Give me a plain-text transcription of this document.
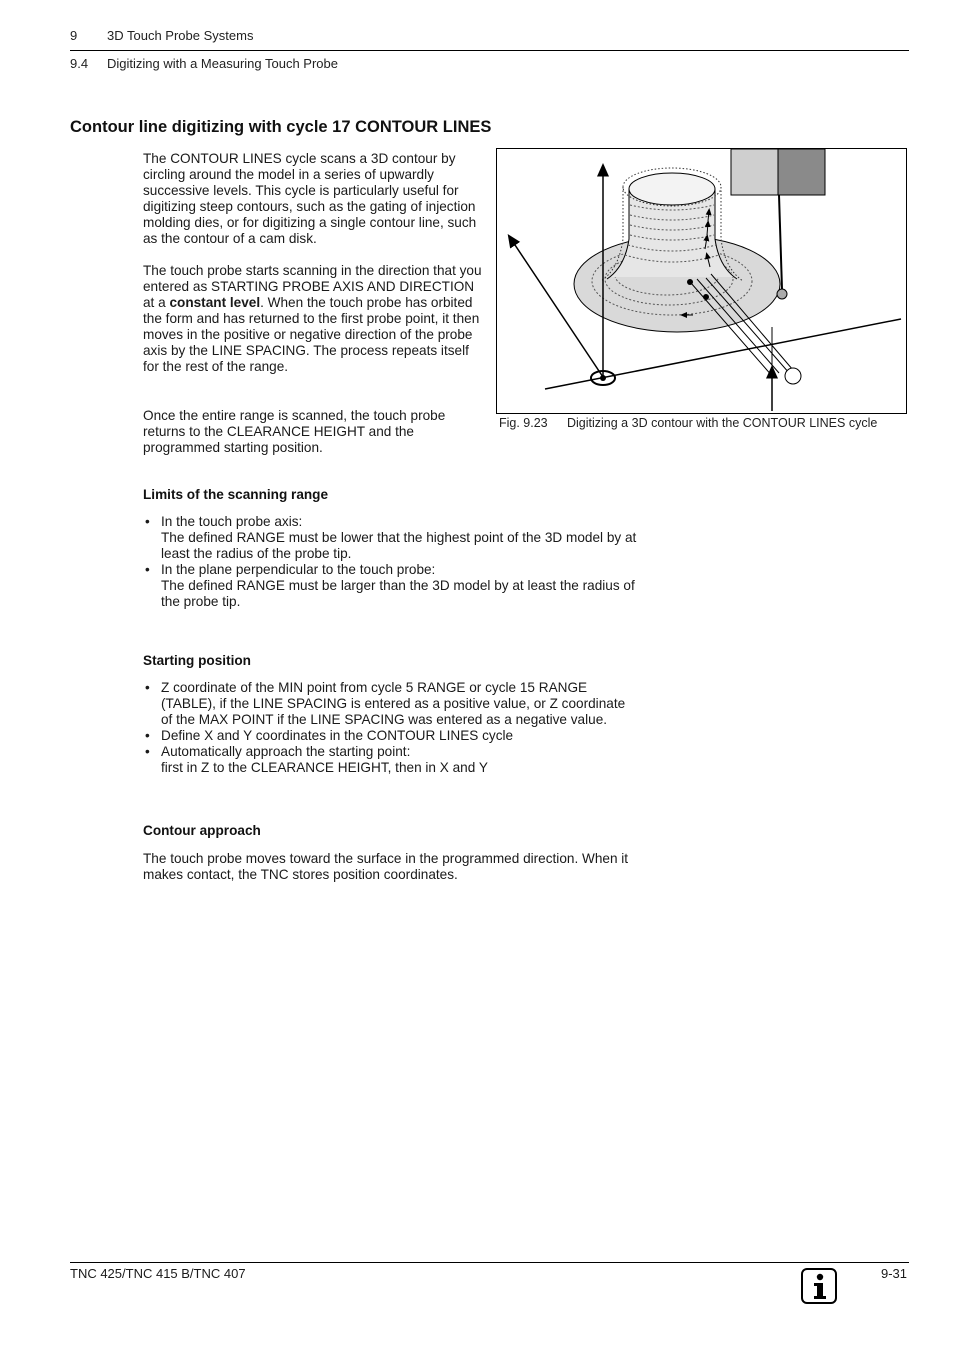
9 3D Touch Probe Systems
9.4 Digitizing with a Measuring Touch Probe
Contour line digitizing with cycle 17 CONTOUR LINES

The CONTOUR LINES cycle scans a 3D contour by circling around the model in a series of upwardly successive levels. This cycle is particularly useful for digitizing steep contours, such as the gating of injection molding dies, or for digitizing a single contour line, such as the contour of a cam disk.

The touch probe starts scanning in the direction that you entered as STARTING PROBE AXIS AND DIRECTION at a constant level. When the touch probe has orbited the form and has returned to the first probe point, it then moves in the positive or negative direction of the probe axis by the LINE SPACING. The process repeats itself for the rest of the range.

Once the entire range is scanned, the touch probe returns to the CLEARANCE HEIGHT and the programmed starting position.

Fig. 9.23 Digitizing a 3D contour with the CONTOUR LINES cycle
Limits of the scanning range
• In the touch probe axis:
The defined RANGE must be lower that the highest point of the 3D model by at least the radius of the probe tip.
• In the plane perpendicular to the touch probe:
The defined RANGE must be larger than the 3D model by at least the radius of the probe tip.
Starting position
• Z coordinate of the MIN point from cycle 5 RANGE or cycle 15 RANGE (TABLE), if the LINE SPACING is entered as a positive value, or Z coordinate of the MAX POINT if the LINE SPACING was entered as a negative value.
• Define X and Y coordinates in the CONTOUR LINES cycle
• Automatically approach the starting point:
first in Z to the CLEARANCE HEIGHT, then in X and Y
Contour approach

The touch probe moves toward the surface in the programmed direction. When it makes contact, the TNC stores position coordinates.

TNC 425/TNC 415 B/TNC 407	9-31
